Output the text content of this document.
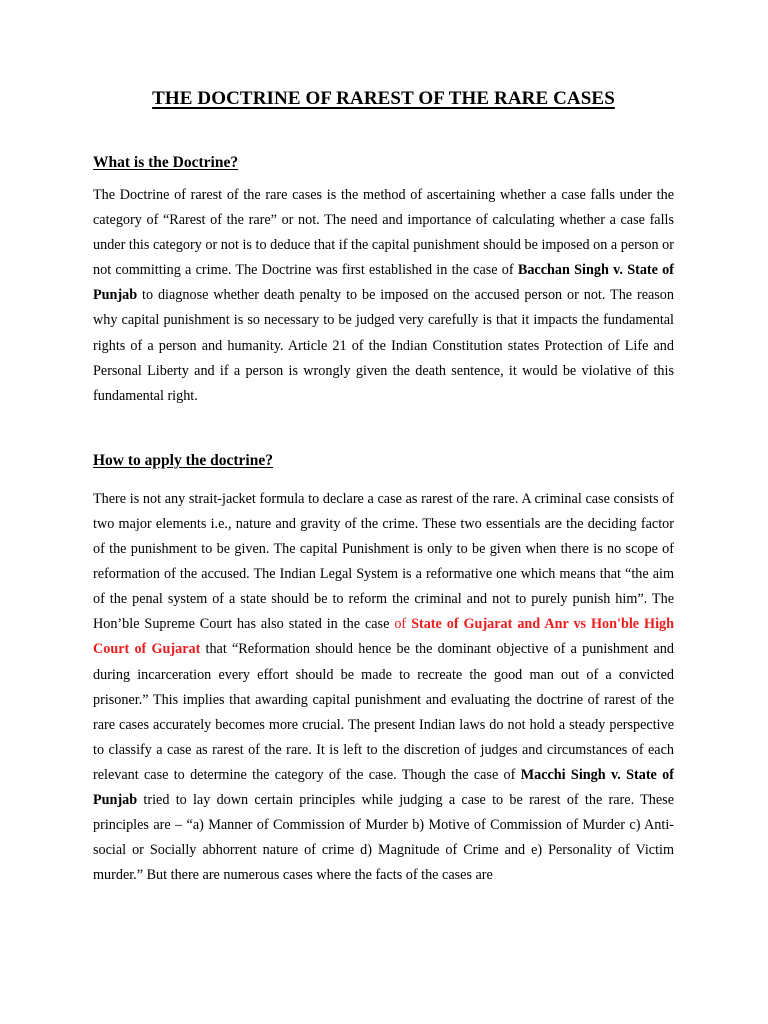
THE DOCTRINE OF RAREST OF THE RARE CASES
What is the Doctrine?

The Doctrine of rarest of the rare cases is the method of ascertaining whether a case falls under the category of “Rarest of the rare” or not. The need and importance of calculating whether a case falls under this category or not is to deduce that if the capital punishment should be imposed on a person or not committing a crime. The Doctrine was first established in the case of Bacchan Singh v. State of Punjab to diagnose whether death penalty to be imposed on the accused person or not. The reason why capital punishment is so necessary to be judged very carefully is that it impacts the fundamental rights of a person and humanity. Article 21 of the Indian Constitution states Protection of Life and Personal Liberty and if a person is wrongly given the death sentence, it would be violative of this fundamental right.

How to apply the doctrine?

There is not any strait-jacket formula to declare a case as rarest of the rare. A criminal case consists of two major elements i.e., nature and gravity of the crime. These two essentials are the deciding factor of the punishment to be given. The capital Punishment is only to be given when there is no scope of reformation of the accused. The Indian Legal System is a reformative one which means that “the aim of the penal system of a state should be to reform the criminal and not to purely punish him”. The Hon’ble Supreme Court has also stated in the case of State of Gujarat and Anr vs Hon'ble High Court of Gujarat that “Reformation should hence be the dominant objective of a punishment and during incarceration every effort should be made to recreate the good man out of a convicted prisoner.” This implies that awarding capital punishment and evaluating the doctrine of rarest of the rare cases accurately becomes more crucial. The present Indian laws do not hold a steady perspective to classify a case as rarest of the rare. It is left to the discretion of judges and circumstances of each relevant case to determine the category of the case. Though the case of Macchi Singh v. State of Punjab tried to lay down certain principles while judging a case to be rarest of the rare. These principles are – “a) Manner of Commission of Murder b) Motive of Commission of Murder c) Anti-social or Socially abhorrent nature of crime d) Magnitude of Crime and e) Personality of Victim murder.” But there are numerous cases where the facts of the cases are
